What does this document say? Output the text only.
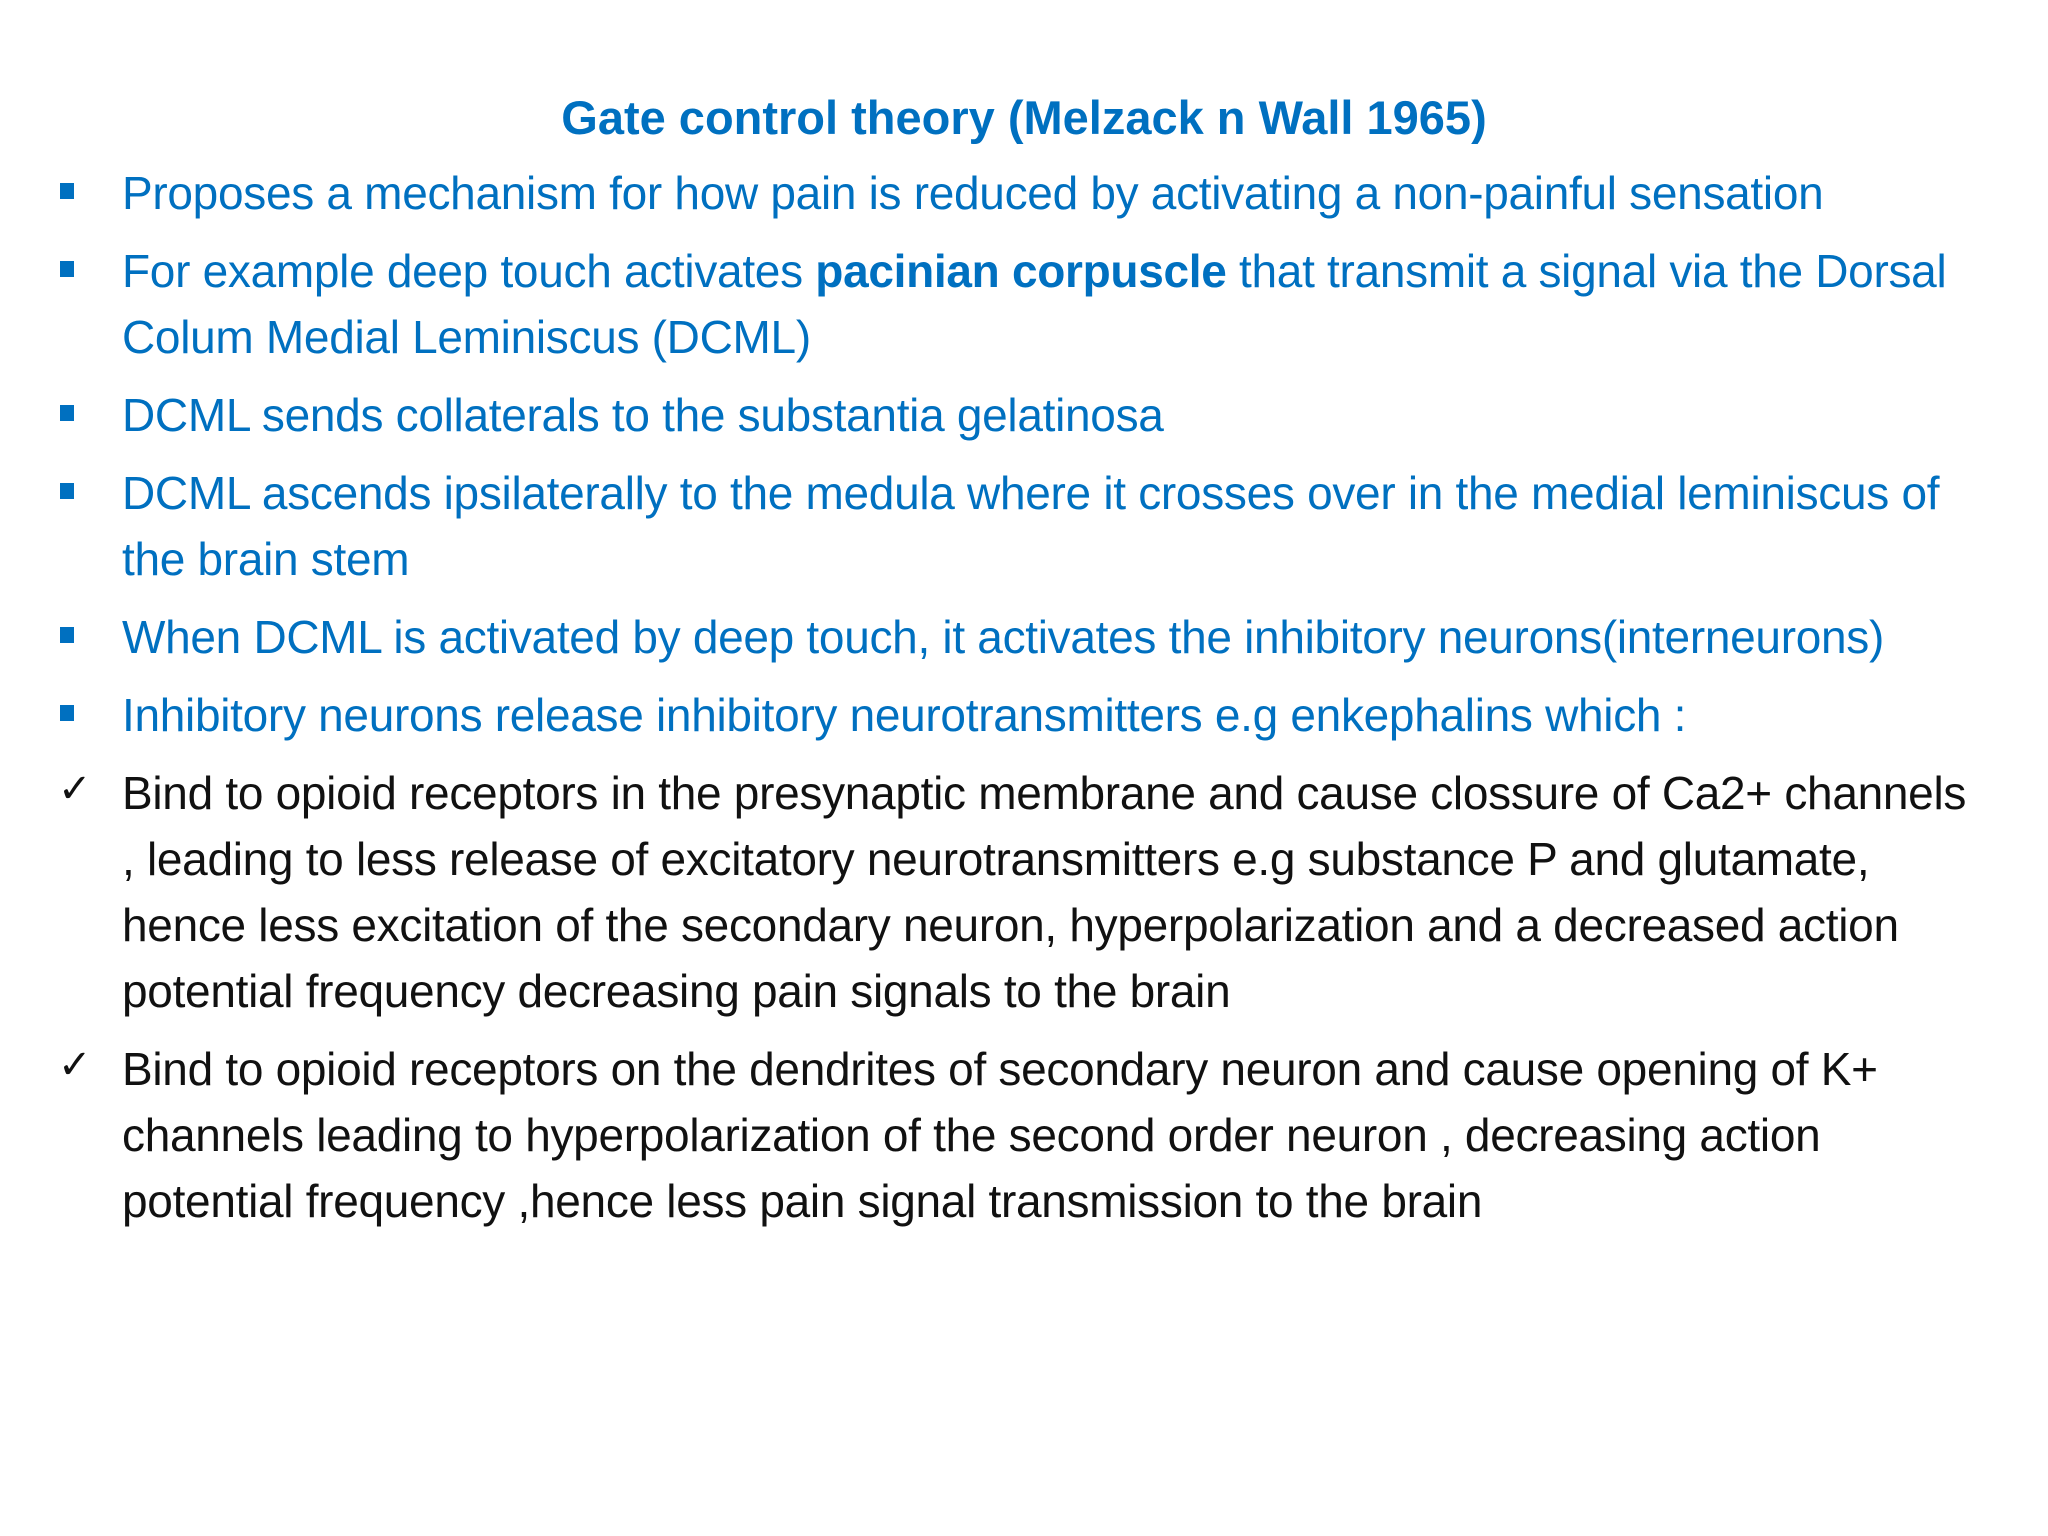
Gate control theory (Melzack n Wall 1965)
Proposes a mechanism for how pain is reduced by activating a non-painful sensation
For example deep touch activates pacinian corpuscle that transmit a signal via the Dorsal Colum Medial Leminiscus (DCML)
DCML sends collaterals to the substantia gelatinosa
DCML ascends ipsilaterally to the medula where it crosses over in the medial leminiscus of the brain stem
When DCML is activated by deep touch, it activates the inhibitory neurons(interneurons)
Inhibitory neurons release inhibitory neurotransmitters e.g enkephalins which :
✓ Bind to opioid receptors in the presynaptic membrane and cause clossure of Ca2+ channels , leading to less release of excitatory neurotransmitters e.g substance P and glutamate, hence less excitation of the secondary neuron, hyperpolarization and a decreased action potential frequency decreasing pain signals to the brain
✓ Bind to opioid receptors on the dendrites of secondary neuron and cause opening of K+ channels leading to hyperpolarization of the second order neuron , decreasing action potential frequency ,hence less pain signal transmission to the brain
